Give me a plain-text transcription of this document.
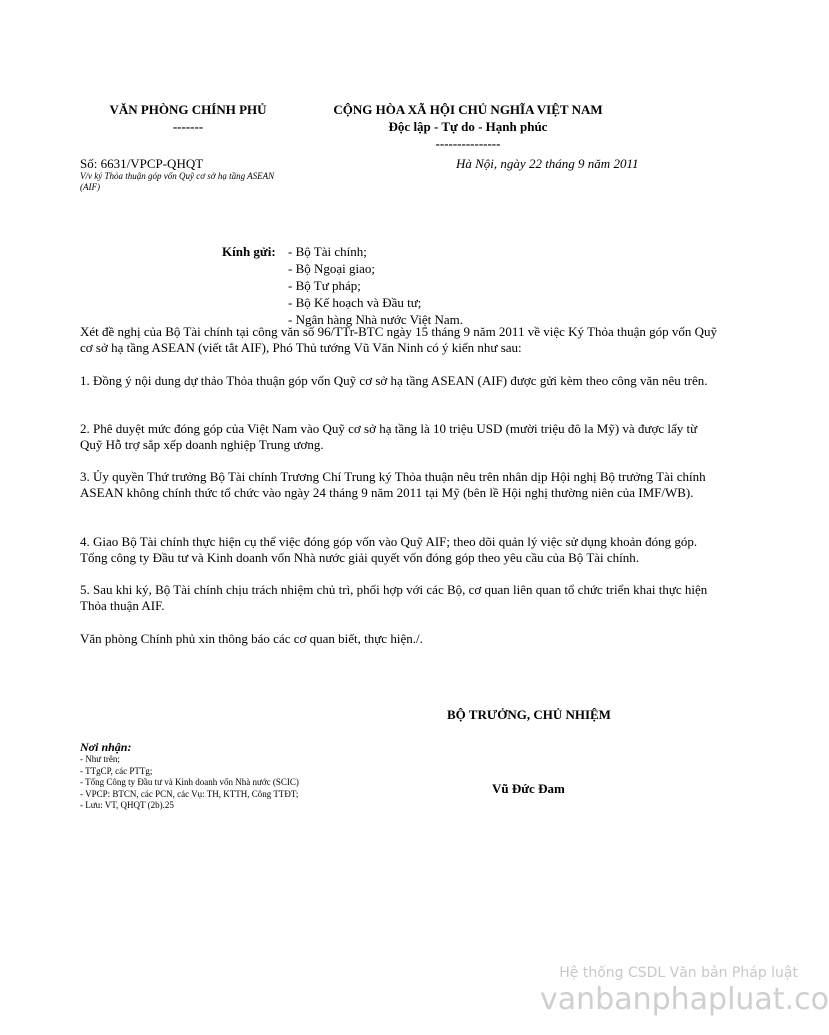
VĂN PHÒNG CHÍNH PHỦ
-------
CỘNG HÒA XÃ HỘI CHỦ NGHĨA VIỆT NAM
Độc lập - Tự do - Hạnh phúc
---------------
Số: 6631/VPCP-QHQT
V/v ký Thỏa thuận góp vốn Quỹ cơ sở hạ tầng ASEAN (AIF)
Hà Nội, ngày 22 tháng 9 năm 2011
Kính gửi: - Bộ Tài chính;
- Bộ Ngoại giao;
- Bộ Tư pháp;
- Bộ Kế hoạch và Đầu tư;
- Ngân hàng Nhà nước Việt Nam.

Xét đề nghị của Bộ Tài chính tại công văn số 96/TTr-BTC ngày 15 tháng 9 năm 2011 về việc Ký Thỏa thuận góp vốn Quỹ cơ sở hạ tầng ASEAN (viết tắt AIF), Phó Thủ tướng Vũ Văn Ninh có ý kiến như sau:

1. Đồng ý nội dung dự thảo Thỏa thuận góp vốn Quỹ cơ sở hạ tầng ASEAN (AIF) được gửi kèm theo công văn nêu trên.

2. Phê duyệt mức đóng góp của Việt Nam vào Quỹ cơ sở hạ tầng là 10 triệu USD (mười triệu đô la Mỹ) và được lấy từ Quỹ Hỗ trợ sắp xếp doanh nghiệp Trung ương.

3. Ủy quyền Thứ trưởng Bộ Tài chính Trương Chí Trung ký Thỏa thuận nêu trên nhân dịp Hội nghị Bộ trưởng Tài chính ASEAN không chính thức tổ chức vào ngày 24 tháng 9 năm 2011 tại Mỹ (bên lề Hội nghị thường niên của IMF/WB).

4. Giao Bộ Tài chính thực hiện cụ thể việc đóng góp vốn vào Quỹ AIF; theo dõi quản lý việc sử dụng khoản đóng góp. Tổng công ty Đầu tư và Kinh doanh vốn Nhà nước giải quyết vốn đóng góp theo yêu cầu của Bộ Tài chính.

5. Sau khi ký, Bộ Tài chính chịu trách nhiệm chủ trì, phối hợp với các Bộ, cơ quan liên quan tổ chức triển khai thực hiện Thỏa thuận AIF.

Văn phòng Chính phủ xin thông báo các cơ quan biết, thực hiện./.

BỘ TRƯỞNG, CHỦ NHIỆM
Vũ Đức Đam
Nơi nhận:
- Như trên;
- TTgCP, các PTTg;
- Tổng Công ty Đầu tư và Kinh doanh vốn Nhà nước (SCIC)
- VPCP: BTCN, các PCN, các Vụ: TH, KTTH, Công TTĐT;
- Lưu: VT, QHQT (2b).25
Hệ thống CSDL Văn bản Pháp luật
vanbanphapluat.co
